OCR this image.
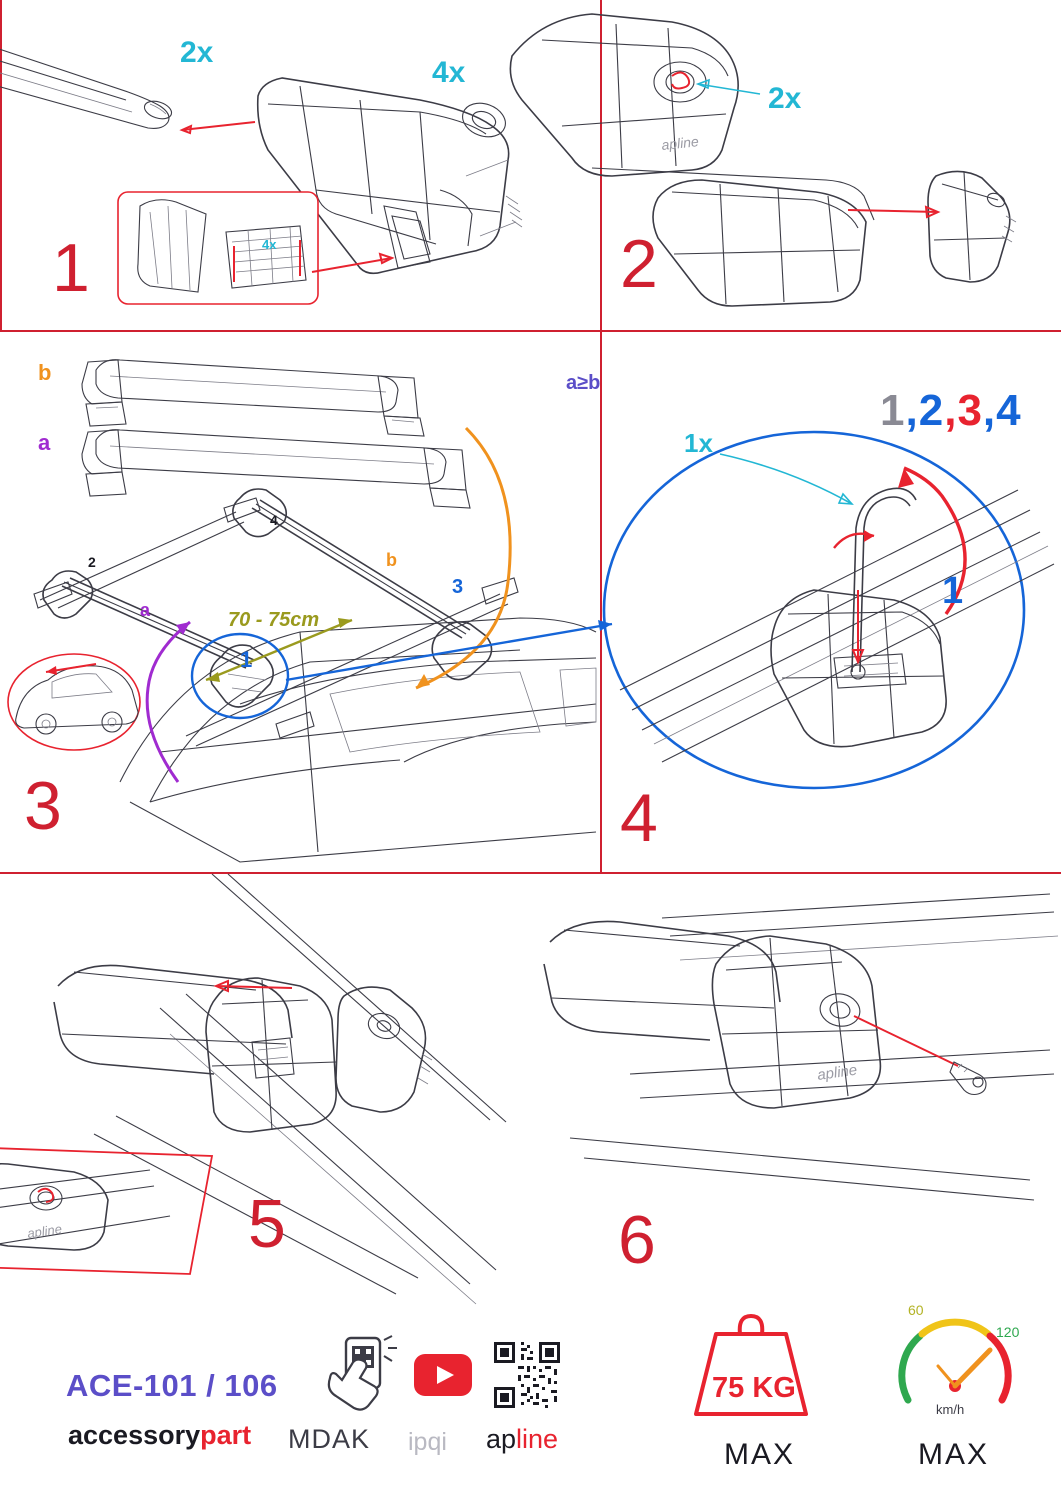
2x
4x
4x
1
apline
2x
2
b
a
a
b
70 - 75cm
1
2
3
4
3
1x
1,2,3,4
1
a≥b
4
apline	5
apline
6
ACE-101 / 106
accessorypart MDAK ipqi apline
75 KG
MAX
60
120
km/h
MAX
